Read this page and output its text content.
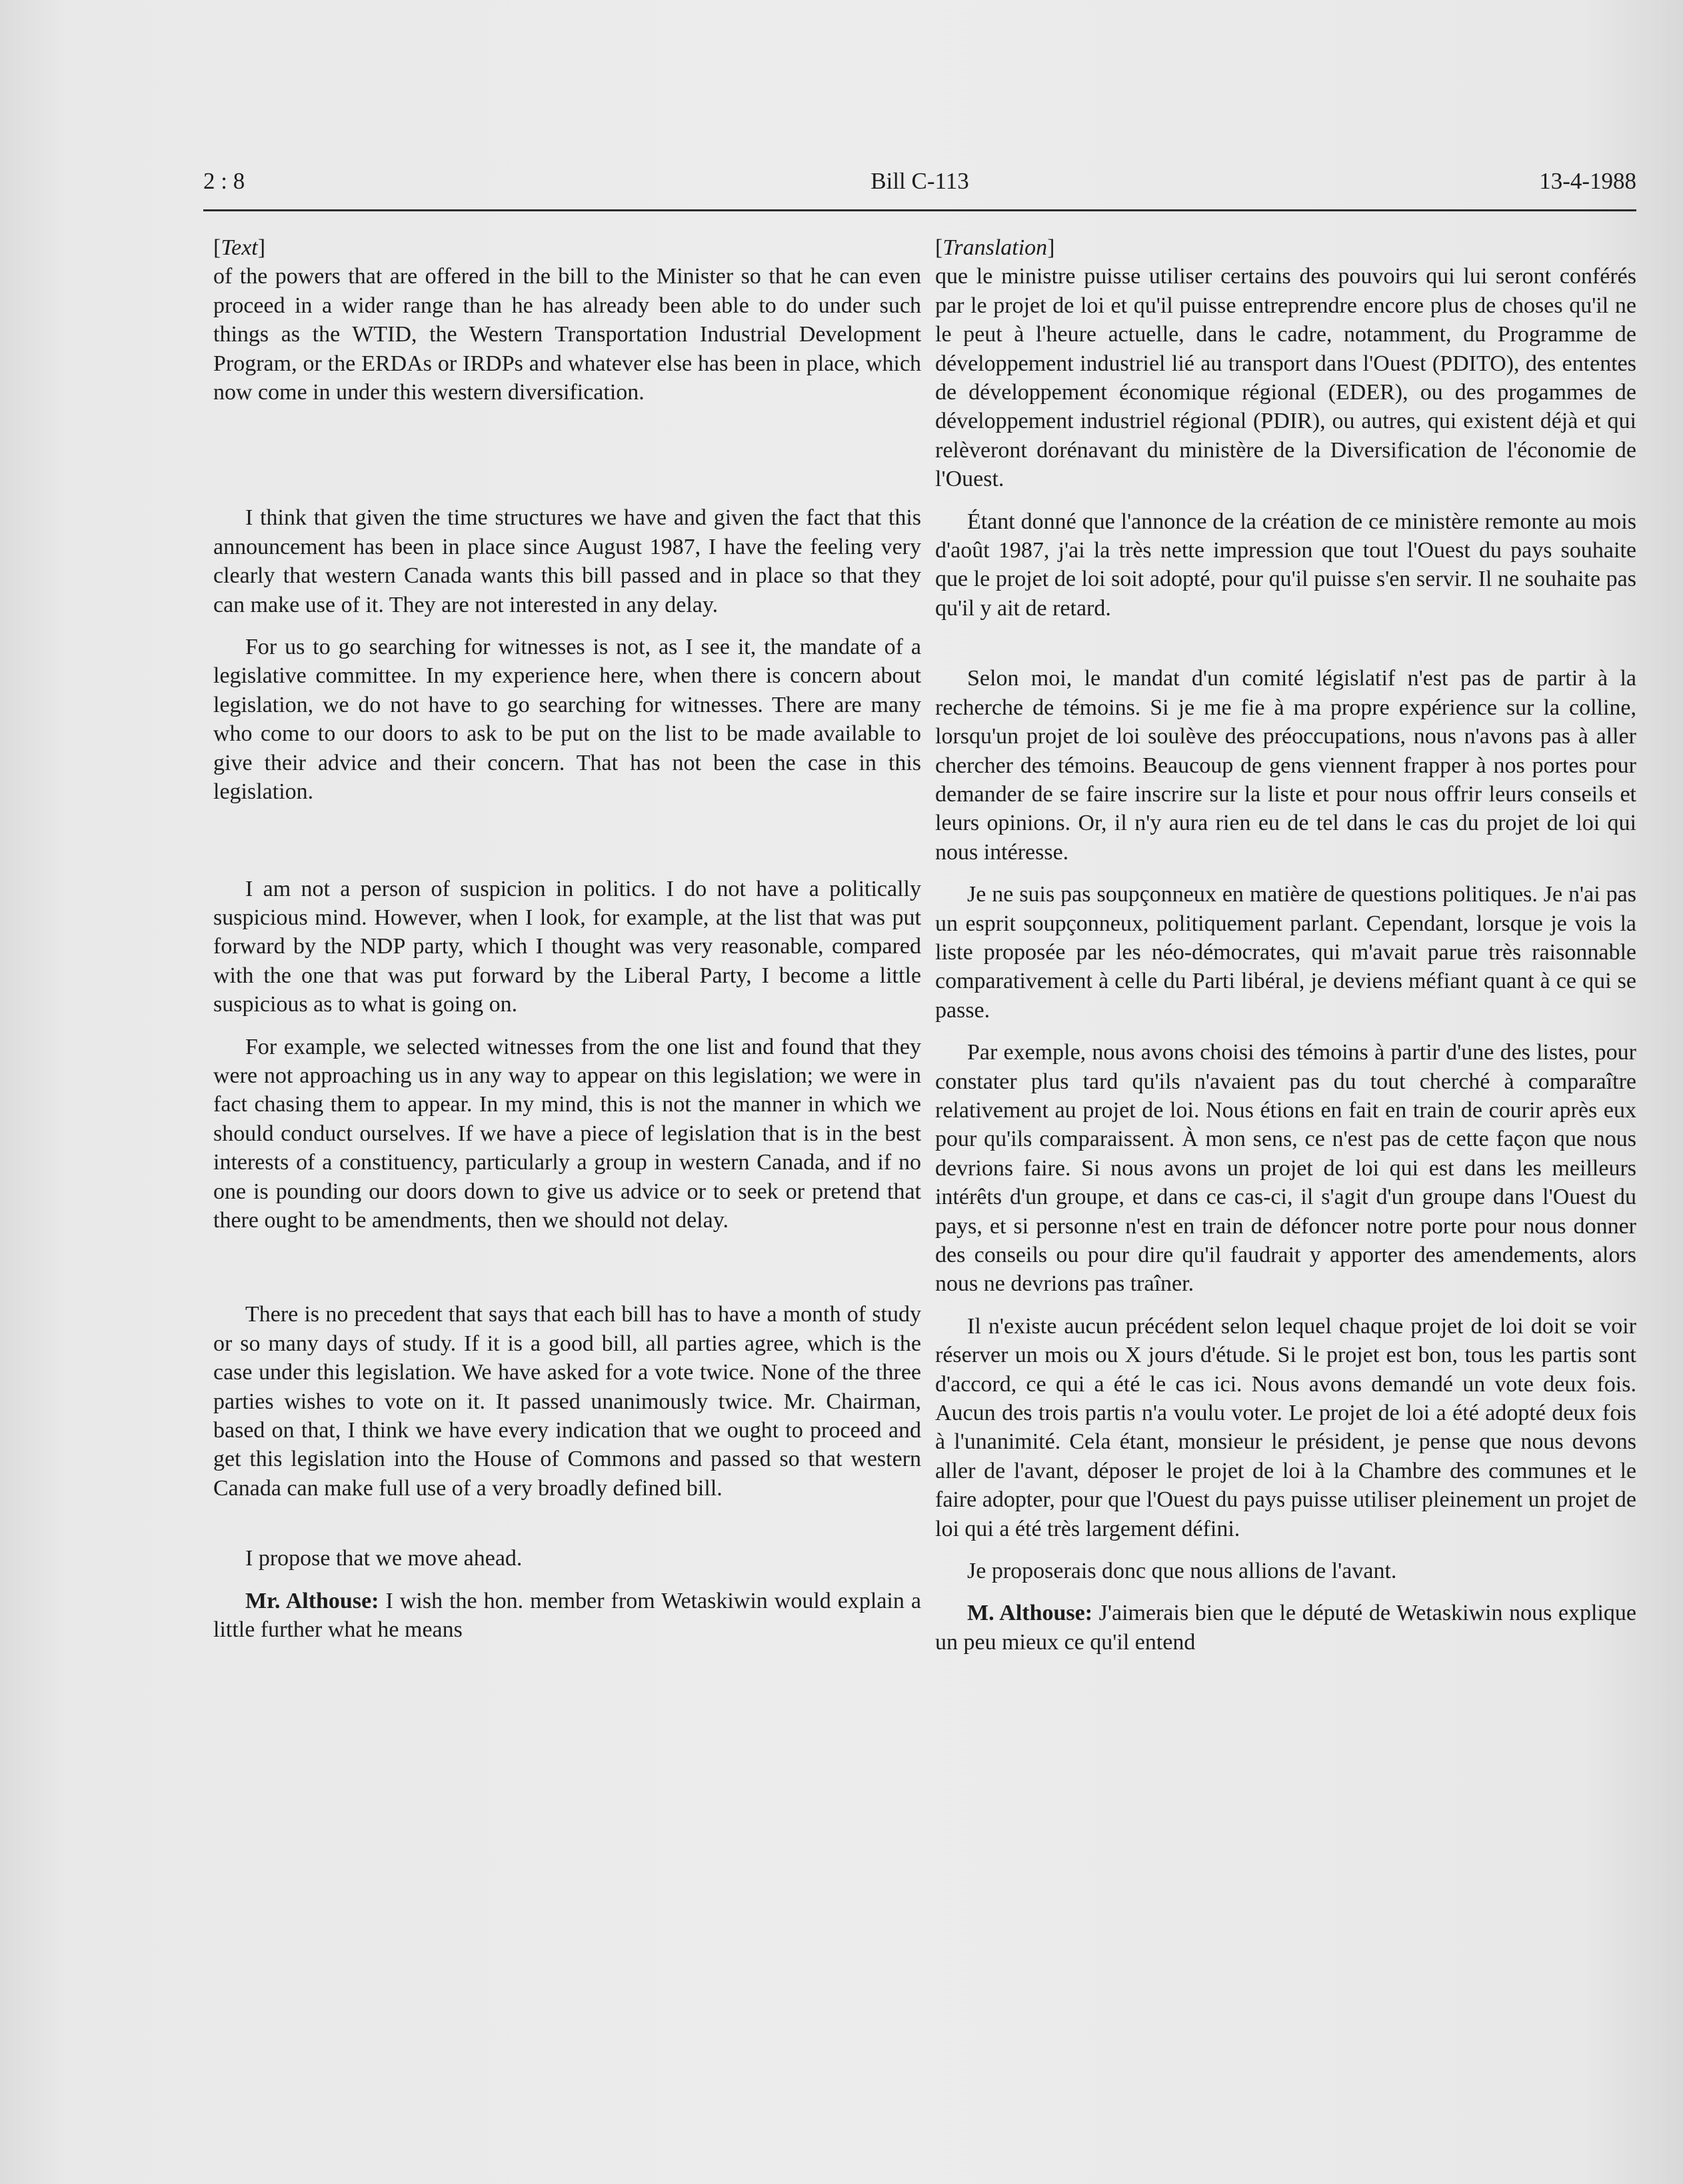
2 : 8	Bill C-113	13-4-1988

[Text]

of the powers that are offered in the bill to the Minister so that he can even proceed in a wider range than he has already been able to do under such things as the WTID, the Western Transportation Industrial Development Program, or the ERDAs or IRDPs and whatever else has been in place, which now come in under this western diversification.

I think that given the time structures we have and given the fact that this announcement has been in place since August 1987, I have the feeling very clearly that western Canada wants this bill passed and in place so that they can make use of it. They are not interested in any delay.

For us to go searching for witnesses is not, as I see it, the mandate of a legislative committee. In my experience here, when there is concern about legislation, we do not have to go searching for witnesses. There are many who come to our doors to ask to be put on the list to be made available to give their advice and their concern. That has not been the case in this legislation.

I am not a person of suspicion in politics. I do not have a politically suspicious mind. However, when I look, for example, at the list that was put forward by the NDP party, which I thought was very reasonable, compared with the one that was put forward by the Liberal Party, I become a little suspicious as to what is going on.

For example, we selected witnesses from the one list and found that they were not approaching us in any way to appear on this legislation; we were in fact chasing them to appear. In my mind, this is not the manner in which we should conduct ourselves. If we have a piece of legislation that is in the best interests of a constituency, particularly a group in western Canada, and if no one is pounding our doors down to give us advice or to seek or pretend that there ought to be amendments, then we should not delay.

There is no precedent that says that each bill has to have a month of study or so many days of study. If it is a good bill, all parties agree, which is the case under this legislation. We have asked for a vote twice. None of the three parties wishes to vote on it. It passed unanimously twice. Mr. Chairman, based on that, I think we have every indication that we ought to proceed and get this legislation into the House of Commons and passed so that western Canada can make full use of a very broadly defined bill.

I propose that we move ahead.

Mr. Althouse: I wish the hon. member from Wetaskiwin would explain a little further what he means

[Translation]

que le ministre puisse utiliser certains des pouvoirs qui lui seront conférés par le projet de loi et qu'il puisse entreprendre encore plus de choses qu'il ne le peut à l'heure actuelle, dans le cadre, notamment, du Programme de développement industriel lié au transport dans l'Ouest (PDITO), des ententes de développement économique régional (EDER), ou des progammes de développement industriel régional (PDIR), ou autres, qui existent déjà et qui relèveront dorénavant du ministère de la Diversification de l'économie de l'Ouest.

Étant donné que l'annonce de la création de ce ministère remonte au mois d'août 1987, j'ai la très nette impression que tout l'Ouest du pays souhaite que le projet de loi soit adopté, pour qu'il puisse s'en servir. Il ne souhaite pas qu'il y ait de retard.

Selon moi, le mandat d'un comité législatif n'est pas de partir à la recherche de témoins. Si je me fie à ma propre expérience sur la colline, lorsqu'un projet de loi soulève des préoccupations, nous n'avons pas à aller chercher des témoins. Beaucoup de gens viennent frapper à nos portes pour demander de se faire inscrire sur la liste et pour nous offrir leurs conseils et leurs opinions. Or, il n'y aura rien eu de tel dans le cas du projet de loi qui nous intéresse.

Je ne suis pas soupçonneux en matière de questions politiques. Je n'ai pas un esprit soupçonneux, politiquement parlant. Cependant, lorsque je vois la liste proposée par les néo-démocrates, qui m'avait parue très raisonnable comparativement à celle du Parti libéral, je deviens méfiant quant à ce qui se passe.

Par exemple, nous avons choisi des témoins à partir d'une des listes, pour constater plus tard qu'ils n'avaient pas du tout cherché à comparaître relativement au projet de loi. Nous étions en fait en train de courir après eux pour qu'ils comparaissent. À mon sens, ce n'est pas de cette façon que nous devrions faire. Si nous avons un projet de loi qui est dans les meilleurs intérêts d'un groupe, et dans ce cas-ci, il s'agit d'un groupe dans l'Ouest du pays, et si personne n'est en train de défoncer notre porte pour nous donner des conseils ou pour dire qu'il faudrait y apporter des amendements, alors nous ne devrions pas traîner.

Il n'existe aucun précédent selon lequel chaque projet de loi doit se voir réserver un mois ou X jours d'étude. Si le projet est bon, tous les partis sont d'accord, ce qui a été le cas ici. Nous avons demandé un vote deux fois. Aucun des trois partis n'a voulu voter. Le projet de loi a été adopté deux fois à l'unanimité. Cela étant, monsieur le président, je pense que nous devons aller de l'avant, déposer le projet de loi à la Chambre des communes et le faire adopter, pour que l'Ouest du pays puisse utiliser pleinement un projet de loi qui a été très largement défini.

Je proposerais donc que nous allions de l'avant.

M. Althouse: J'aimerais bien que le député de Wetaskiwin nous explique un peu mieux ce qu'il entend
